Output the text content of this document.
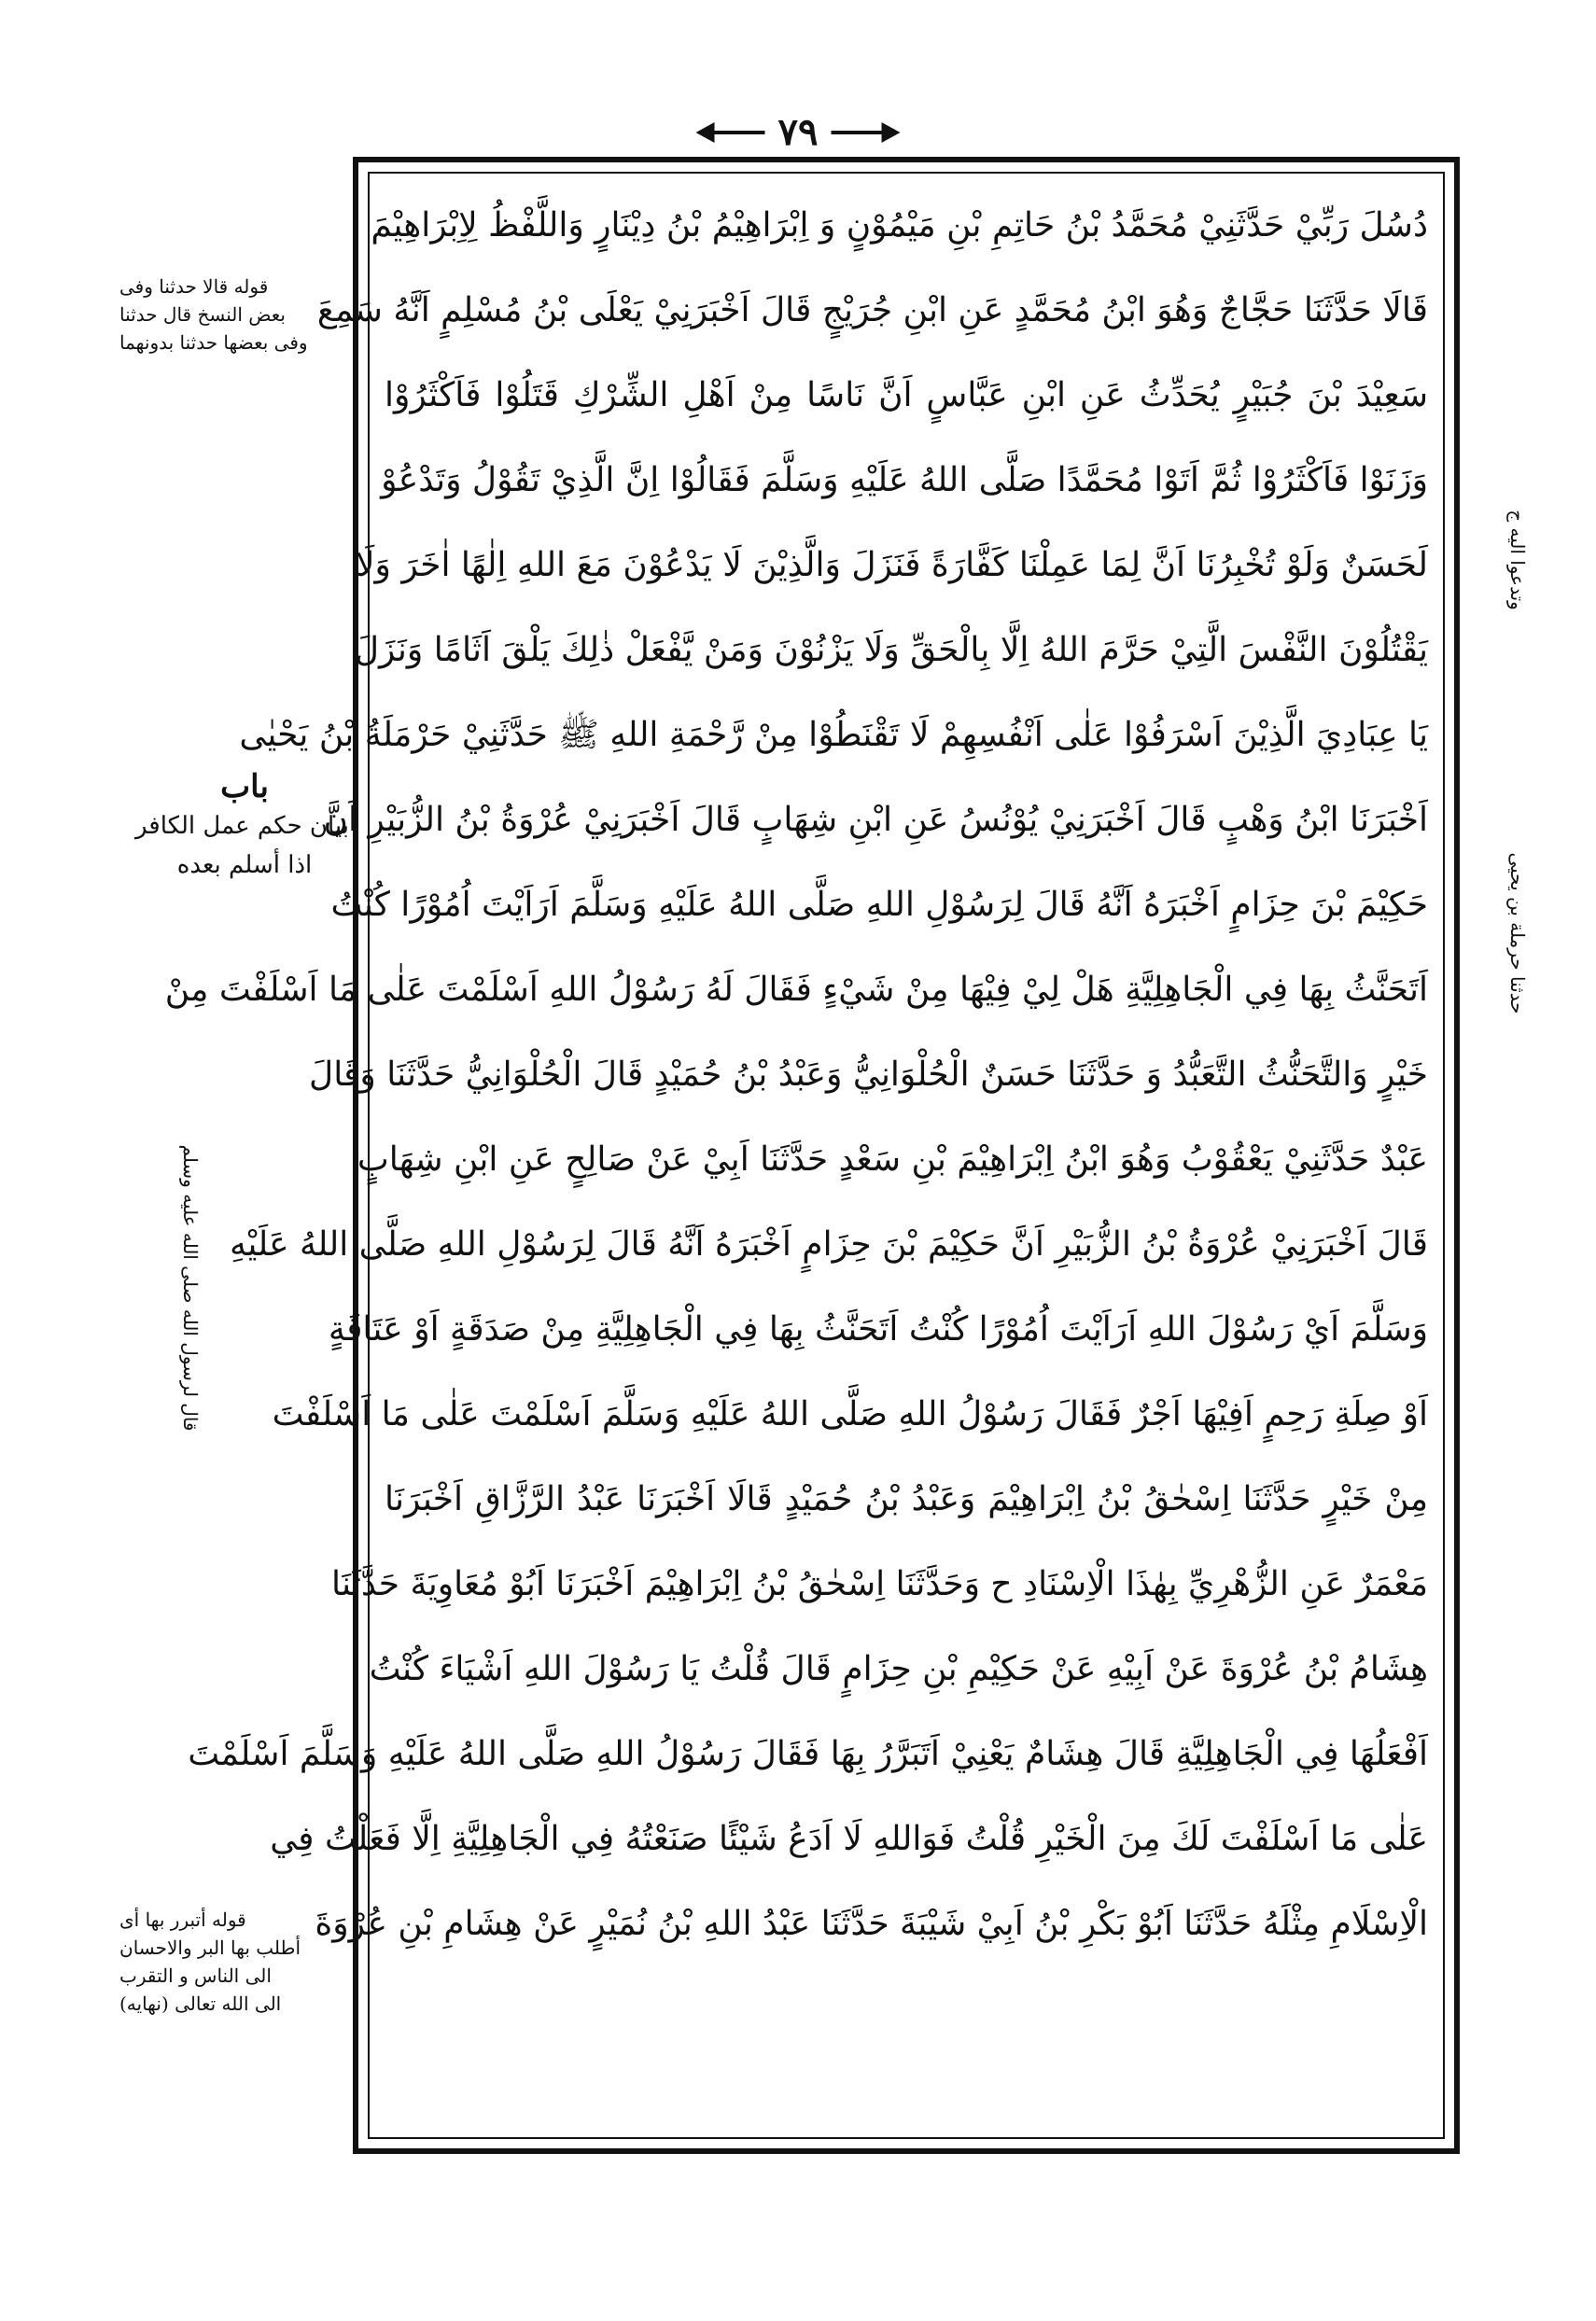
٧٩
دُسُلَ رَبِّيْ حَدَّثَنِيْ مُحَمَّدُ بْنُ حَاتِمِ بْنِ مَيْمُوْنٍ وَ اِبْرَاهِيْمُ بْنُ دِيْنَارٍ وَاللَّفْظُ لِاِبْرَاهِيْمَ
قَالَا حَدَّثَنَا حَجَّاجٌ وَهُوَ ابْنُ مُحَمَّدٍ عَنِ ابْنِ جُرَيْجٍ قَالَ اَخْبَرَنِيْ يَعْلَى بْنُ مُسْلِمٍ اَنَّهُ سَمِعَ
سَعِيْدَ بْنَ جُبَيْرٍ يُحَدِّثُ عَنِ ابْنِ عَبَّاسٍ اَنَّ نَاسًا مِنْ اَهْلِ الشِّرْكِ قَتَلُوْا فَاَكْثَرُوْا
وَزَنَوْا فَاَكْثَرُوْا ثُمَّ اَتَوْا مُحَمَّدًا صَلَّى اللهُ عَلَيْهِ وَسَلَّمَ فَقَالُوْا اِنَّ الَّذِيْ تَقُوْلُ وَتَدْعُوْ
لَحَسَنٌ وَلَوْ تُخْبِرُنَا اَنَّ لِمَا عَمِلْنَا كَفَّارَةً فَنَزَلَ وَالَّذِيْنَ لَا يَدْعُوْنَ مَعَ اللهِ اِلٰهًا اٰخَرَ وَلَا
يَقْتُلُوْنَ النَّفْسَ الَّتِيْ حَرَّمَ اللهُ اِلَّا بِالْحَقِّ وَلَا يَزْنُوْنَ وَمَنْ يَّفْعَلْ ذٰلِكَ يَلْقَ اَثَامًا وَنَزَلَ
يَا عِبَادِيَ الَّذِيْنَ اَسْرَفُوْا عَلٰى اَنْفُسِهِمْ لَا تَقْنَطُوْا مِنْ رَّحْمَةِ اللهِ ﷺ حَدَّثَنِيْ حَرْمَلَةُ بْنُ يَحْيٰى
اَخْبَرَنَا ابْنُ وَهْبٍ قَالَ اَخْبَرَنِيْ يُوْنُسُ عَنِ ابْنِ شِهَابٍ قَالَ اَخْبَرَنِيْ عُرْوَةُ بْنُ الزُّبَيْرِ اَنَّ
حَكِيْمَ بْنَ حِزَامٍ اَخْبَرَهُ اَنَّهُ قَالَ لِرَسُوْلِ اللهِ صَلَّى اللهُ عَلَيْهِ وَسَلَّمَ اَرَاَيْتَ اُمُوْرًا كُنْتُ
اَتَحَنَّثُ بِهَا فِي الْجَاهِلِيَّةِ هَلْ لِيْ فِيْهَا مِنْ شَيْءٍ فَقَالَ لَهُ رَسُوْلُ اللهِ اَسْلَمْتَ عَلٰى مَا اَسْلَفْتَ مِنْ
خَيْرٍ وَالتَّحَنُّثُ التَّعَبُّدُ وَ حَدَّثَنَا حَسَنٌ الْحُلْوَانِيُّ وَعَبْدُ بْنُ حُمَيْدٍ قَالَ الْحُلْوَانِيُّ حَدَّثَنَا وَقَالَ
عَبْدٌ حَدَّثَنِيْ يَعْقُوْبُ وَهُوَ ابْنُ اِبْرَاهِيْمَ بْنِ سَعْدٍ حَدَّثَنَا اَبِيْ عَنْ صَالِحٍ عَنِ ابْنِ شِهَابٍ
قَالَ اَخْبَرَنِيْ عُرْوَةُ بْنُ الزُّبَيْرِ اَنَّ حَكِيْمَ بْنَ حِزَامٍ اَخْبَرَهُ اَنَّهُ قَالَ لِرَسُوْلِ اللهِ صَلَّى اللهُ عَلَيْهِ
وَسَلَّمَ اَيْ رَسُوْلَ اللهِ اَرَاَيْتَ اُمُوْرًا كُنْتُ اَتَحَنَّثُ بِهَا فِي الْجَاهِلِيَّةِ مِنْ صَدَقَةٍ اَوْ عَتَاقَةٍ
اَوْ صِلَةِ رَحِمٍ اَفِيْهَا اَجْرٌ فَقَالَ رَسُوْلُ اللهِ صَلَّى اللهُ عَلَيْهِ وَسَلَّمَ اَسْلَمْتَ عَلٰى مَا اَسْلَفْتَ
مِنْ خَيْرٍ حَدَّثَنَا اِسْحٰقُ بْنُ اِبْرَاهِيْمَ وَعَبْدُ بْنُ حُمَيْدٍ قَالَا اَخْبَرَنَا عَبْدُ الرَّزَّاقِ اَخْبَرَنَا
مَعْمَرٌ عَنِ الزُّهْرِيِّ بِهٰذَا الْاِسْنَادِ ح وَحَدَّثَنَا اِسْحٰقُ بْنُ اِبْرَاهِيْمَ اَخْبَرَنَا اَبُوْ مُعَاوِيَةَ حَدَّثَنَا
هِشَامُ بْنُ عُرْوَةَ عَنْ اَبِيْهِ عَنْ حَكِيْمِ بْنِ حِزَامٍ قَالَ قُلْتُ يَا رَسُوْلَ اللهِ اَشْيَاءَ كُنْتُ
اَفْعَلُهَا فِي الْجَاهِلِيَّةِ قَالَ هِشَامٌ يَعْنِيْ اَتَبَرَّرُ بِهَا فَقَالَ رَسُوْلُ اللهِ صَلَّى اللهُ عَلَيْهِ وَسَلَّمَ اَسْلَمْتَ
عَلٰى مَا اَسْلَفْتَ لَكَ مِنَ الْخَيْرِ قُلْتُ فَوَاللهِ لَا اَدَعُ شَيْئًا صَنَعْتُهُ فِي الْجَاهِلِيَّةِ اِلَّا فَعَلْتُ فِي
الْاِسْلَامِ مِثْلَهُ حَدَّثَنَا اَبُوْ بَكْرِ بْنُ اَبِيْ شَيْبَةَ حَدَّثَنَا عَبْدُ اللهِ بْنُ نُمَيْرٍ عَنْ هِشَامِ بْنِ عُرْوَةَ
قوله قالا حدثنا وفى
بعض النسخ قال حدثنا
وفى بعضها حدثنا بدونهما
باب
بيان حكم عمل الكافر
اذا أسلم بعده
قال لرسول الله صلى الله عليه وسلم
وتدعوا اليه ج
حدثنا حرملة بن يحيى
قوله أتبرر بها أى
أطلب بها البر والاحسان
الى الناس و التقرب
الى الله تعالى (نهايه)
